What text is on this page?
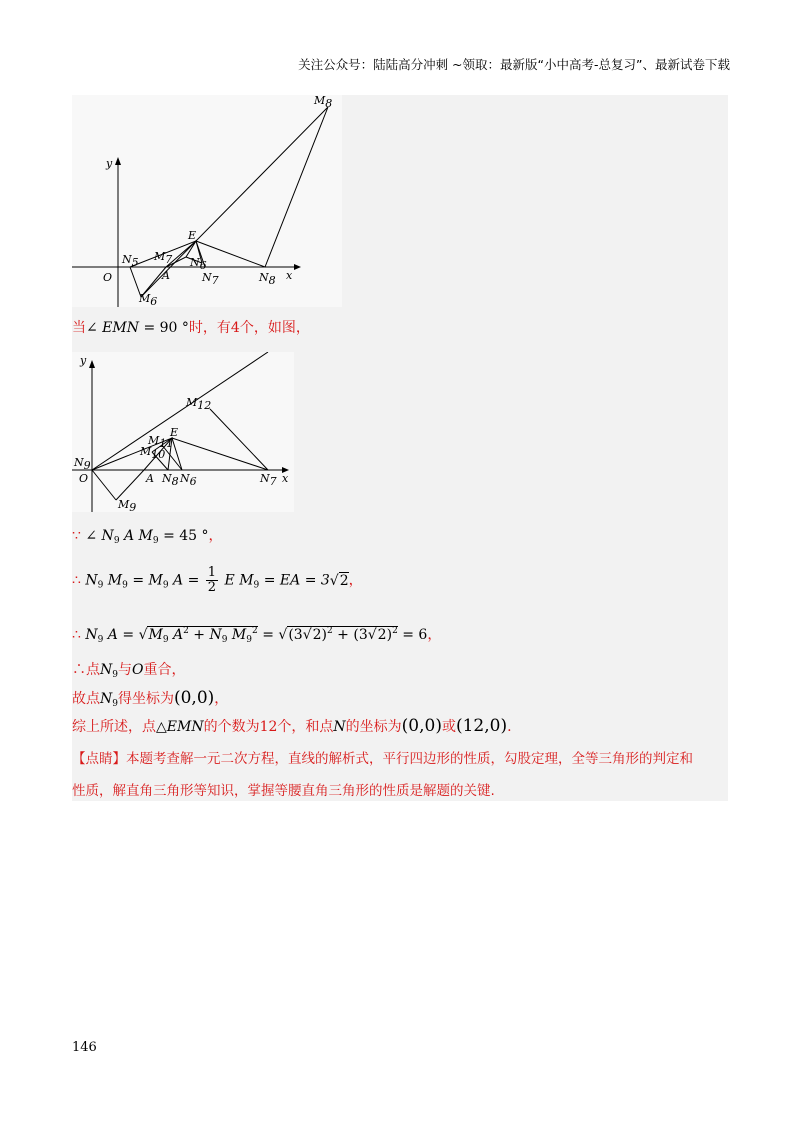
关注公众号：陆陆高分冲刺 ~领取：最新版“小中高考-总复习”、最新试卷下载
M8
y
E
N5 M7 N6
A
O	N7	N8 x
M6
当∠ EMN = 90 °时，有4个，如图，
y
M12
E
M11
M10
N9
O	A N8 N6	N7 x
M9
∵ ∠ $N_9$ A $M_9 = 45$ °，
∴ $N_9$ $M_9 = M_9$ $A = \frac{1}{2}$ E $M_9$ = EA = 3√2，
∴ $N_9$ $A = √M_9$ $A^2 + N_9$ $M_9^2 = √(3√2)^2 + (3√2)^2 = 6$，
∴点$N_9$与O重合，
故点$N_9$得坐标为(0,0)，
综上所述，点△EMN的个数为12个，和点N的坐标为(0,0)或(12,0).
【点睛】本题考查解一元二次方程，直线的解析式，平行四边形的性质，勾股定理，全等三角形的判定和
性质，解直角三角形等知识，掌握等腰直角三角形的性质是解题的关键.
146
